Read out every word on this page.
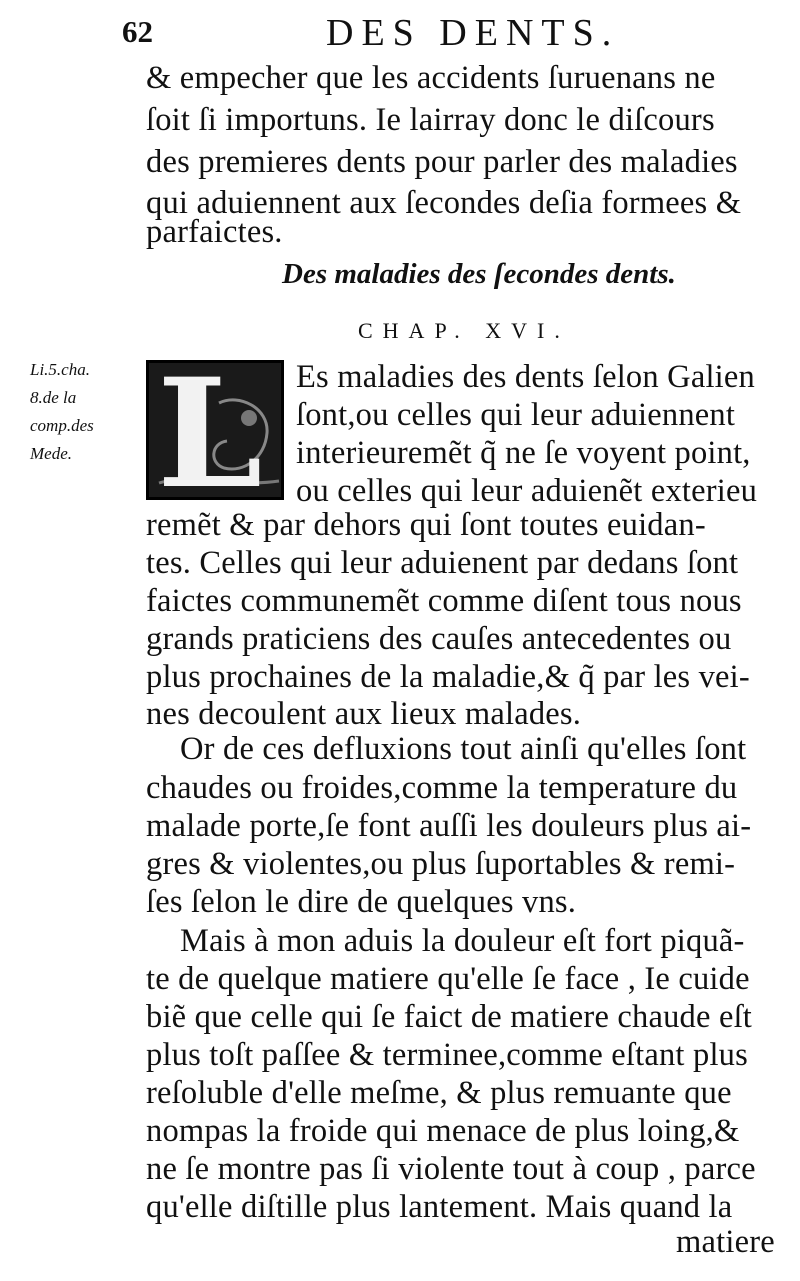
62	DES DENTS.
& empecher que les accidents ſuruenans ne
ſoit ſi importuns. Ie lairray donc le diſcours
des premieres dents pour parler des maladies
qui aduiennent aux ſecondes deſia formees &
parfaictes.
Des maladies des ſecondes dents.
CHAP. XVI.
Li.5.cha.
8.de la
comp.des
Mede. L Es maladies des dents ſelon Galien
ſont,ou celles qui leur aduiennent
interieuremẽt q̃ ne ſe voyent point,
ou celles qui leur aduienẽt exterieu
remẽt & par dehors qui ſont toutes euidan-
tes. Celles qui leur aduienent par dedans ſont
faictes communemẽt comme diſent tous nous
grands praticiens des cauſes antecedentes ou
plus prochaines de la maladie,& q̃ par les vei-
nes decoulent aux lieux malades.
Or de ces defluxions tout ainſi qu'elles ſont
chaudes ou froides,comme la temperature du
malade porte,ſe font auſſi les douleurs plus ai-
gres & violentes,ou plus ſuportables & remi-
ſes ſelon le dire de quelques vns.
Mais à mon aduis la douleur eſt fort piquã-
te de quelque matiere qu'elle ſe face , Ie cuide
biẽ que celle qui ſe faict de matiere chaude eſt
plus toſt paſſee & terminee,comme eſtant plus
reſoluble d'elle meſme, & plus remuante que
nompas la froide qui menace de plus loing,&
ne ſe montre pas ſi violente tout à coup , parce
qu'elle diſtille plus lantement. Mais quand la
matiere
